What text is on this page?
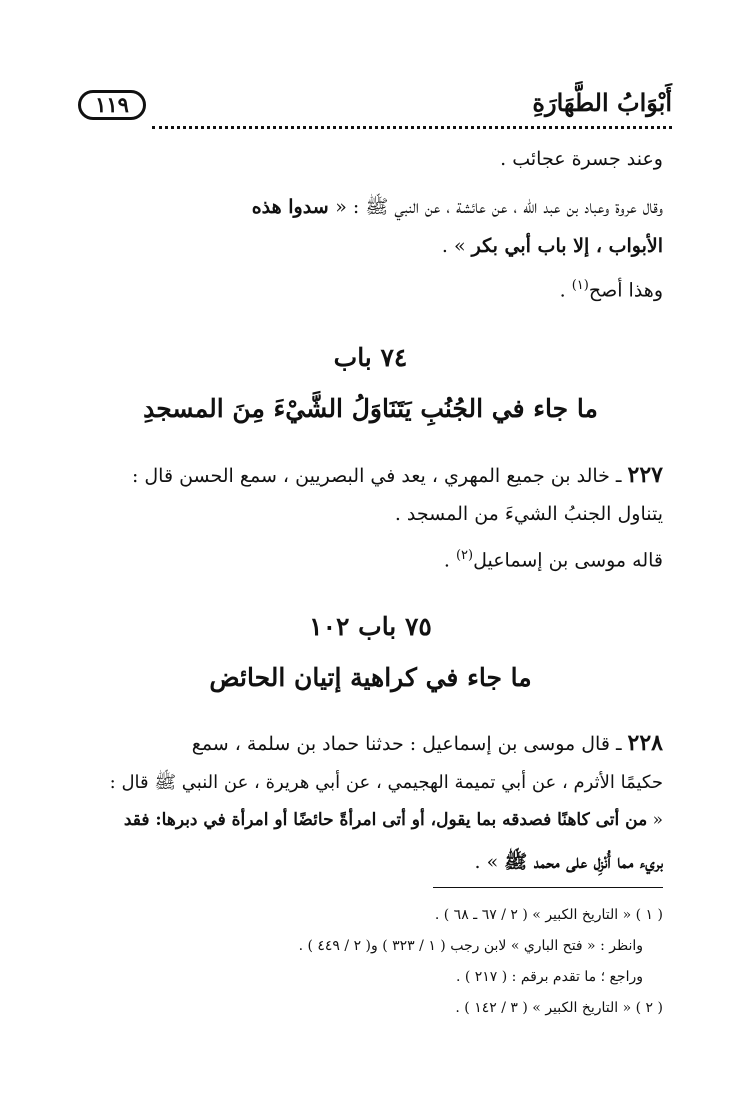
أَبْوَابُ الطَّهَارَةِ
١١٩
وعند جسرة عجائب .
وقال عروة وعباد بن عبد الله ، عن عائشة ، عن النبي ﷺ : « سدوا هذه
الأبواب ، إلا باب أبي بكر » .
وهذا أصح$^{(١)}$ .
٧٤ باب
ما جاء في الجُنُبِ يَتَنَاوَلُ الشَّيْءَ مِنَ المسجدِ
٢٢٧ ـ خالد بن جميع المهري ، يعد في البصريين ، سمع الحسن قال :
يتناول الجنبُ الشيءَ من المسجد .
قاله موسى بن إسماعيل$^{(٢)}$ .
٧٥ باب ١٠٢
ما جاء في كراهية إتيان الحائض
٢٢٨ ـ قال موسى بن إسماعيل : حدثنا حماد بن سلمة ، سمع
حكيمًا الأثرم ، عن أبي تميمة الهجيمي ، عن أبي هريرة ، عن النبي ﷺ قال :
« من أتى كاهنًا فصدقه بما يقول، أو أتى امرأةً حائضًا أو امرأة في دبرها: فقد
بريء مما أُنْزِل على محمد ﷺ » .
( ١ ) « التاريخ الكبير » ( ٢ / ٦٧ ـ ٦٨ ) .
وانظر : « فتح الباري » لابن رجب ( ١ / ٣٢٣ ) و( ٢ / ٤٤٩ ) .
وراجع ؛ ما تقدم برقم : ( ٢١٧ ) .
( ٢ ) « التاريخ الكبير » ( ٣ / ١٤٢ ) .
